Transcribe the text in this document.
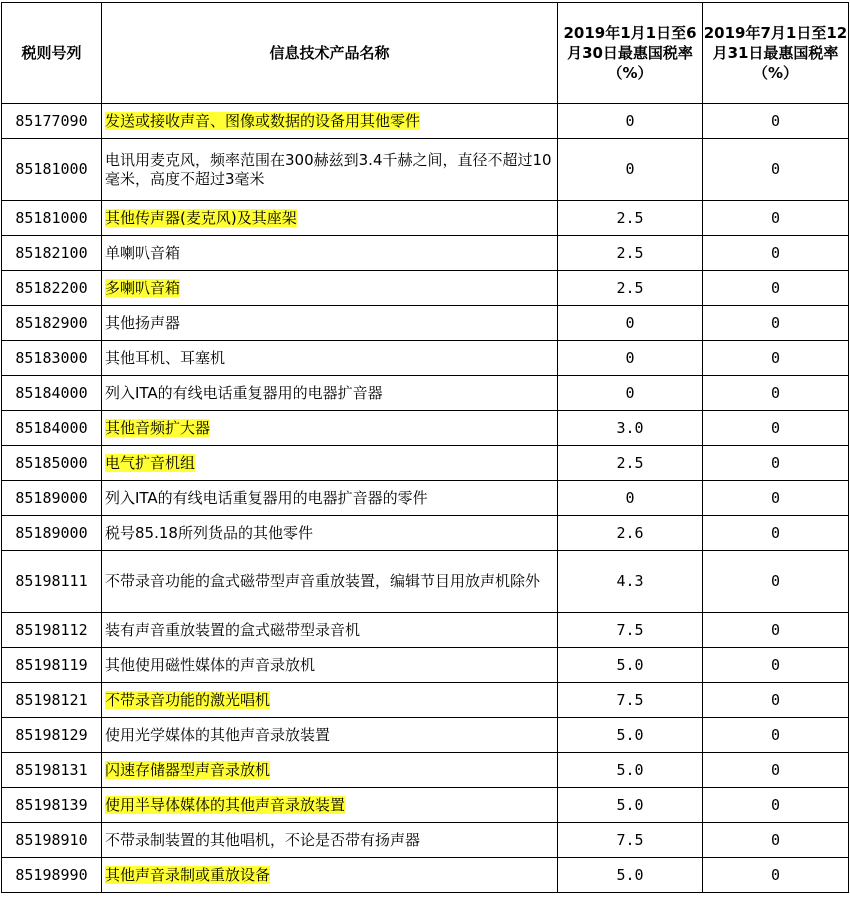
税则号列	信息技术产品名称	2019年1月1日至6月30日最惠国税率（%）	2019年7月1日至12月31日最惠国税率（%）
85177090	发送或接收声音、图像或数据的设备用其他零件	0	0
85181000	电讯用麦克风，频率范围在300赫兹到3.4千赫之间，直径不超过10毫米，高度不超过3毫米	0	0
85181000	其他传声器(麦克风)及其座架	2.5	0
85182100	单喇叭音箱	2.5	0
85182200	多喇叭音箱	2.5	0
85182900	其他扬声器	0	0
85183000	其他耳机、耳塞机	0	0
85184000	列入ITA的有线电话重复器用的电器扩音器	0	0
85184000	其他音频扩大器	3.0	0
85185000	电气扩音机组	2.5	0
85189000	列入ITA的有线电话重复器用的电器扩音器的零件	0	0
85189000	税号85.18所列货品的其他零件	2.6	0
85198111	不带录音功能的盒式磁带型声音重放装置，编辑节目用放声机除外	4.3	0
85198112	装有声音重放装置的盒式磁带型录音机	7.5	0
85198119	其他使用磁性媒体的声音录放机	5.0	0
85198121	不带录音功能的激光唱机	7.5	0
85198129	使用光学媒体的其他声音录放装置	5.0	0
85198131	闪速存储器型声音录放机	5.0	0
85198139	使用半导体媒体的其他声音录放装置	5.0	0
85198910	不带录制装置的其他唱机，不论是否带有扬声器	7.5	0
85198990	其他声音录制或重放设备	5.0	0
